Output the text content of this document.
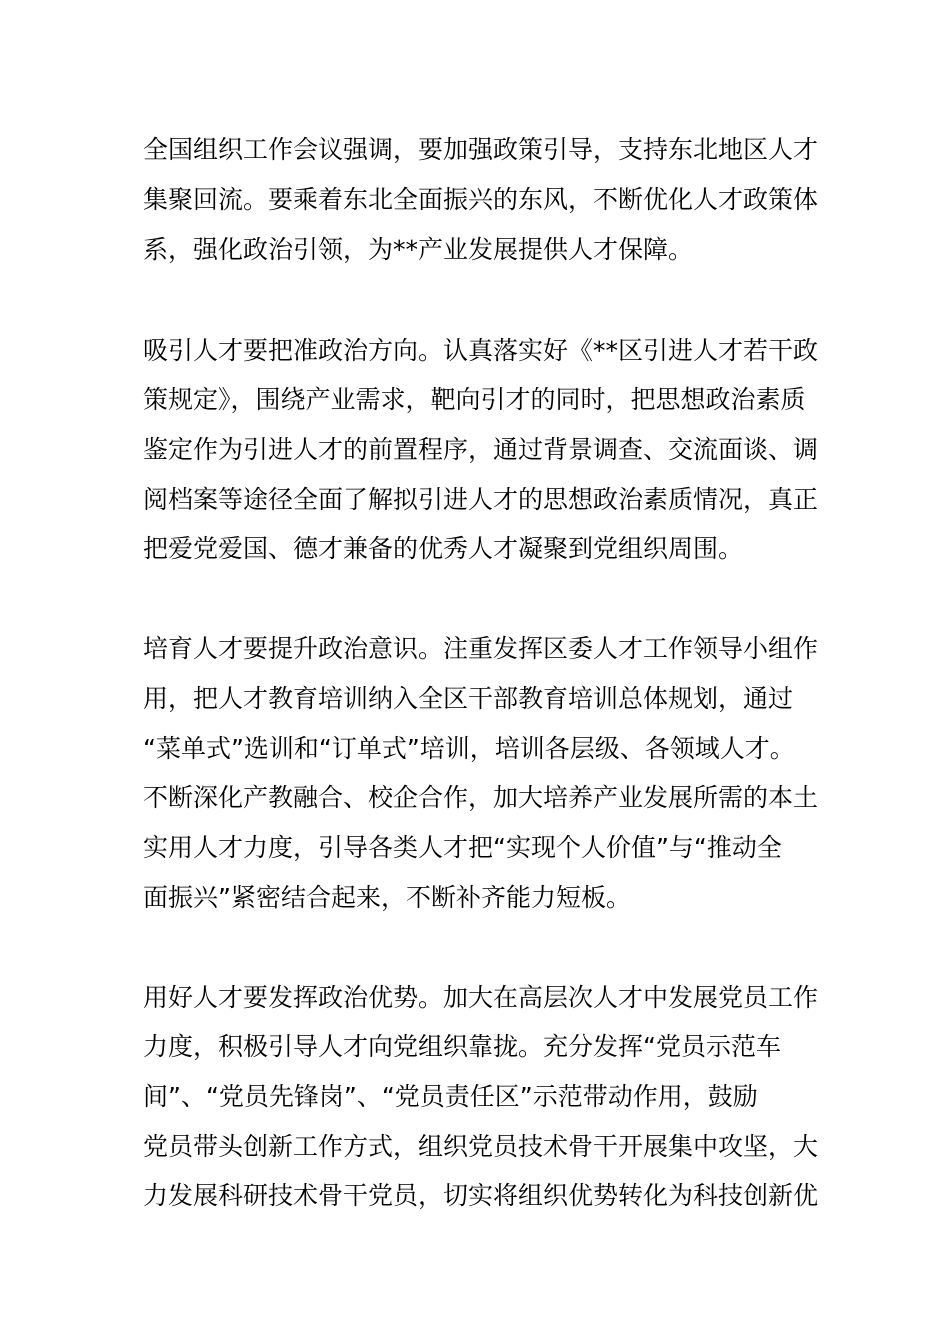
全国组织工作会议强调，要加强政策引导，支持东北地区人才

集聚回流。要乘着东北全面振兴的东风，不断优化人才政策体

系，强化政治引领，为**产业发展提供人才保障。

吸引人才要把准政治方向。认真落实好《**区引进人才若干政

策规定》，围绕产业需求，靶向引才的同时，把思想政治素质

鉴定作为引进人才的前置程序，通过背景调查、交流面谈、调

阅档案等途径全面了解拟引进人才的思想政治素质情况，真正

把爱党爱国、德才兼备的优秀人才凝聚到党组织周围。

培育人才要提升政治意识。注重发挥区委人才工作领导小组作

用，把人才教育培训纳入全区干部教育培训总体规划，通过

“菜单式”选训和“订单式”培训，培训各层级、各领域人才。

不断深化产教融合、校企合作，加大培养产业发展所需的本土

实用人才力度，引导各类人才把“实现个人价值”与“推动全

面振兴”紧密结合起来，不断补齐能力短板。

用好人才要发挥政治优势。加大在高层次人才中发展党员工作

力度，积极引导人才向党组织靠拢。充分发挥“党员示范车

间”、“党员先锋岗”、“党员责任区”示范带动作用，鼓励

党员带头创新工作方式，组织党员技术骨干开展集中攻坚，大

力发展科研技术骨干党员，切实将组织优势转化为科技创新优
